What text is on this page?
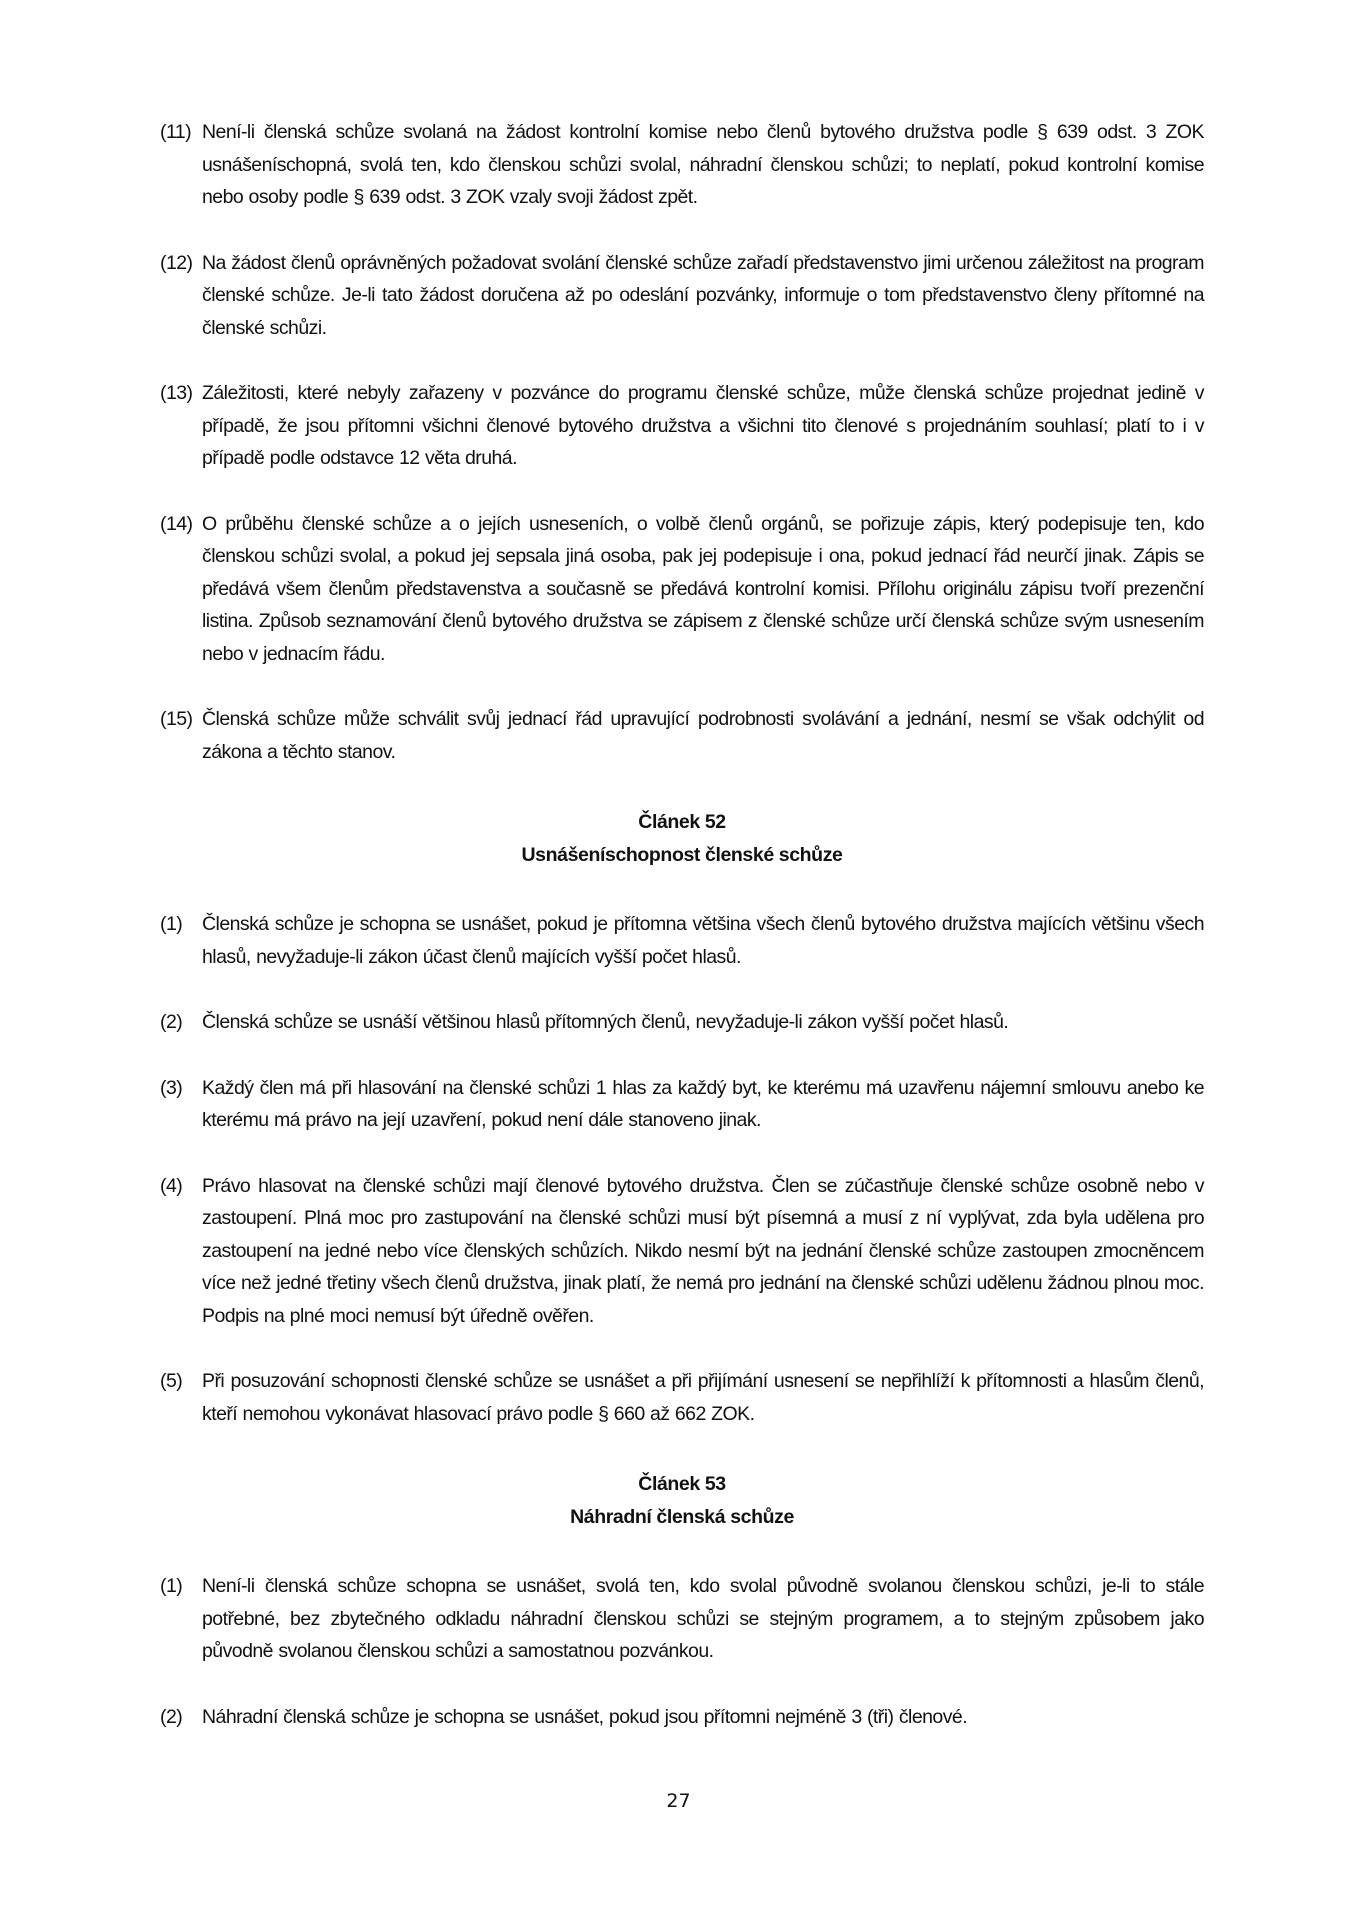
(11) Není-li členská schůze svolaná na žádost kontrolní komise nebo členů bytového družstva podle § 639 odst. 3 ZOK usnášeníschopná, svolá ten, kdo členskou schůzi svolal, náhradní členskou schůzi; to neplatí, pokud kontrolní komise nebo osoby podle § 639 odst. 3 ZOK vzaly svoji žádost zpět.
(12) Na žádost členů oprávněných požadovat svolání členské schůze zařadí představenstvo jimi určenou záležitost na program členské schůze. Je-li tato žádost doručena až po odeslání pozvánky, informuje o tom představenstvo členy přítomné na členské schůzi.
(13) Záležitosti, které nebyly zařazeny v pozvánce do programu členské schůze, může členská schůze projednat jedině v případě, že jsou přítomni všichni členové bytového družstva a všichni tito členové s projednáním souhlasí; platí to i v případě podle odstavce 12 věta druhá.
(14) O průběhu členské schůze a o jejích usneseních, o volbě členů orgánů, se pořizuje zápis, který podepisuje ten, kdo členskou schůzi svolal, a pokud jej sepsala jiná osoba, pak jej podepisuje i ona, pokud jednací řád neurčí jinak. Zápis se předává všem členům představenstva a současně se předává kontrolní komisi. Přílohu originálu zápisu tvoří prezenční listina. Způsob seznamování členů bytového družstva se zápisem z členské schůze určí členská schůze svým usnesením nebo v jednacím řádu.
(15) Členská schůze může schválit svůj jednací řád upravující podrobnosti svolávání a jednání, nesmí se však odchýlit od zákona a těchto stanov.
Článek 52
Usnášeníschopnost členské schůze
(1)	Členská schůze je schopna se usnášet, pokud je přítomna většina všech členů bytového družstva majících většinu všech hlasů, nevyžaduje-li zákon účast členů majících vyšší počet hlasů.
(2)	Členská schůze se usnáší většinou hlasů přítomných členů, nevyžaduje-li zákon vyšší počet hlasů.
(3)	Každý člen má při hlasování na členské schůzi 1 hlas za každý byt, ke kterému má uzavřenu nájemní smlouvu anebo ke kterému má právo na její uzavření, pokud není dále stanoveno jinak.
(4)	Právo hlasovat na členské schůzi mají členové bytového družstva. Člen se zúčastňuje členské schůze osobně nebo v zastoupení. Plná moc pro zastupování na členské schůzi musí být písemná a musí z ní vyplývat, zda byla udělena pro zastoupení na jedné nebo více členských schůzích. Nikdo nesmí být na jednání členské schůze zastoupen zmocněncem více než jedné třetiny všech členů družstva, jinak platí, že nemá pro jednání na členské schůzi udělenu žádnou plnou moc. Podpis na plné moci nemusí být úředně ověřen.
(5)	Při posuzování schopnosti členské schůze se usnášet a při přijímání usnesení se nepřihlíží k přítomnosti a hlasům členů, kteří nemohou vykonávat hlasovací právo podle § 660 až 662 ZOK.
Článek 53
Náhradní členská schůze
(1)	Není-li členská schůze schopna se usnášet, svolá ten, kdo svolal původně svolanou členskou schůzi, je-li to stále potřebné, bez zbytečného odkladu náhradní členskou schůzi se stejným programem, a to stejným způsobem jako původně svolanou členskou schůzi a samostatnou pozvánkou.
(2)	Náhradní členská schůze je schopna se usnášet, pokud jsou přítomni nejméně 3 (tři) členové.
27
